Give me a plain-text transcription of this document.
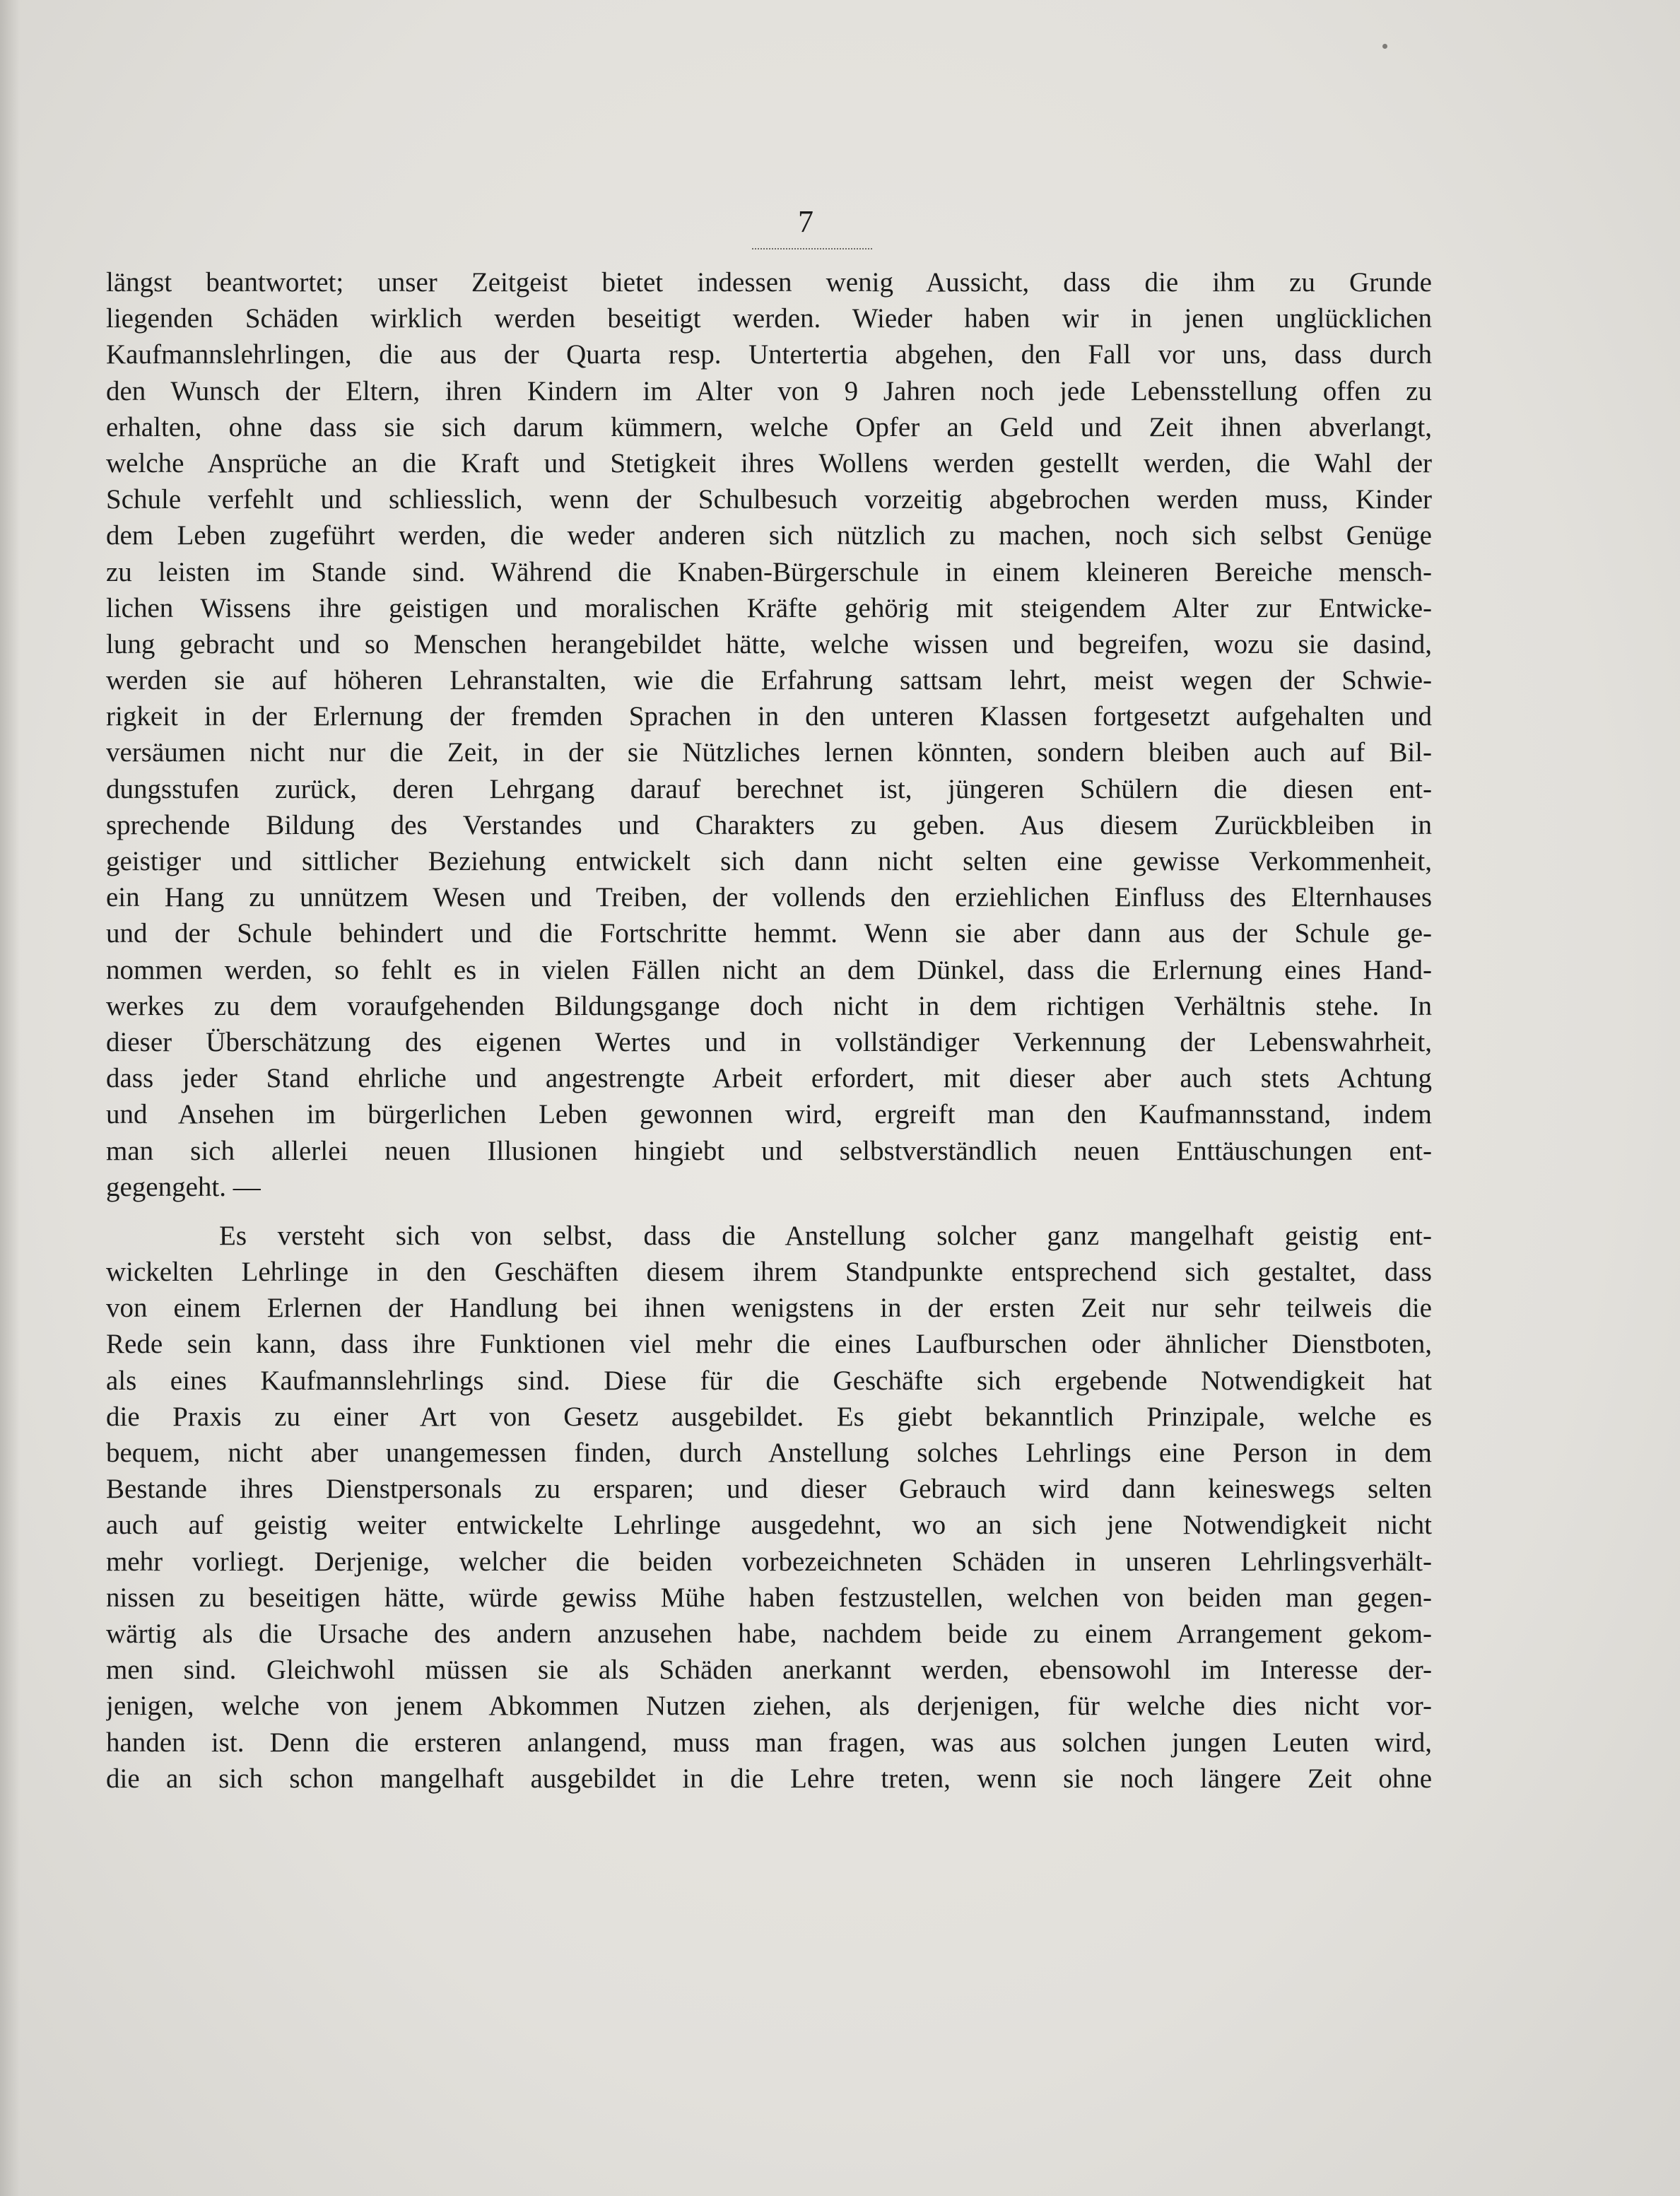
7
längst beantwortet; unser Zeitgeist bietet indessen wenig Aussicht, dass die ihm zu Grunde
liegenden Schäden wirklich werden beseitigt werden. Wieder haben wir in jenen unglücklichen
Kaufmannslehrlingen, die aus der Quarta resp. Untertertia abgehen, den Fall vor uns, dass durch
den Wunsch der Eltern, ihren Kindern im Alter von 9 Jahren noch jede Lebensstellung offen zu
erhalten, ohne dass sie sich darum kümmern, welche Opfer an Geld und Zeit ihnen abverlangt,
welche Ansprüche an die Kraft und Stetigkeit ihres Wollens werden gestellt werden, die Wahl der
Schule verfehlt und schliesslich, wenn der Schulbesuch vorzeitig abgebrochen werden muss, Kinder
dem Leben zugeführt werden, die weder anderen sich nützlich zu machen, noch sich selbst Genüge
zu leisten im Stande sind. Während die Knaben-Bürgerschule in einem kleineren Bereiche mensch-
lichen Wissens ihre geistigen und moralischen Kräfte gehörig mit steigendem Alter zur Entwicke-
lung gebracht und so Menschen herangebildet hätte, welche wissen und begreifen, wozu sie dasind,
werden sie auf höheren Lehranstalten, wie die Erfahrung sattsam lehrt, meist wegen der Schwie-
rigkeit in der Erlernung der fremden Sprachen in den unteren Klassen fortgesetzt aufgehalten und
versäumen nicht nur die Zeit, in der sie Nützliches lernen könnten, sondern bleiben auch auf Bil-
dungsstufen zurück, deren Lehrgang darauf berechnet ist, jüngeren Schülern die diesen ent-
sprechende Bildung des Verstandes und Charakters zu geben. Aus diesem Zurückbleiben in
geistiger und sittlicher Beziehung entwickelt sich dann nicht selten eine gewisse Verkommenheit,
ein Hang zu unnützem Wesen und Treiben, der vollends den erziehlichen Einfluss des Elternhauses
und der Schule behindert und die Fortschritte hemmt. Wenn sie aber dann aus der Schule ge-
nommen werden, so fehlt es in vielen Fällen nicht an dem Dünkel, dass die Erlernung eines Hand-
werkes zu dem voraufgehenden Bildungsgange doch nicht in dem richtigen Verhältnis stehe. In
dieser Überschätzung des eigenen Wertes und in vollständiger Verkennung der Lebenswahrheit,
dass jeder Stand ehrliche und angestrengte Arbeit erfordert, mit dieser aber auch stets Achtung
und Ansehen im bürgerlichen Leben gewonnen wird, ergreift man den Kaufmannsstand, indem
man sich allerlei neuen Illusionen hingiebt und selbstverständlich neuen Enttäuschungen ent-
gegengeht. —
Es versteht sich von selbst, dass die Anstellung solcher ganz mangelhaft geistig ent-
wickelten Lehrlinge in den Geschäften diesem ihrem Standpunkte entsprechend sich gestaltet, dass
von einem Erlernen der Handlung bei ihnen wenigstens in der ersten Zeit nur sehr teilweis die
Rede sein kann, dass ihre Funktionen viel mehr die eines Laufburschen oder ähnlicher Dienstboten,
als eines Kaufmannslehrlings sind. Diese für die Geschäfte sich ergebende Notwendigkeit hat
die Praxis zu einer Art von Gesetz ausgebildet. Es giebt bekanntlich Prinzipale, welche es
bequem, nicht aber unangemessen finden, durch Anstellung solches Lehrlings eine Person in dem
Bestande ihres Dienstpersonals zu ersparen; und dieser Gebrauch wird dann keineswegs selten
auch auf geistig weiter entwickelte Lehrlinge ausgedehnt, wo an sich jene Notwendigkeit nicht
mehr vorliegt. Derjenige, welcher die beiden vorbezeichneten Schäden in unseren Lehrlingsverhält-
nissen zu beseitigen hätte, würde gewiss Mühe haben festzustellen, welchen von beiden man gegen-
wärtig als die Ursache des andern anzusehen habe, nachdem beide zu einem Arrangement gekom-
men sind. Gleichwohl müssen sie als Schäden anerkannt werden, ebensowohl im Interesse der-
jenigen, welche von jenem Abkommen Nutzen ziehen, als derjenigen, für welche dies nicht vor-
handen ist. Denn die ersteren anlangend, muss man fragen, was aus solchen jungen Leuten wird,
die an sich schon mangelhaft ausgebildet in die Lehre treten, wenn sie noch längere Zeit ohne
